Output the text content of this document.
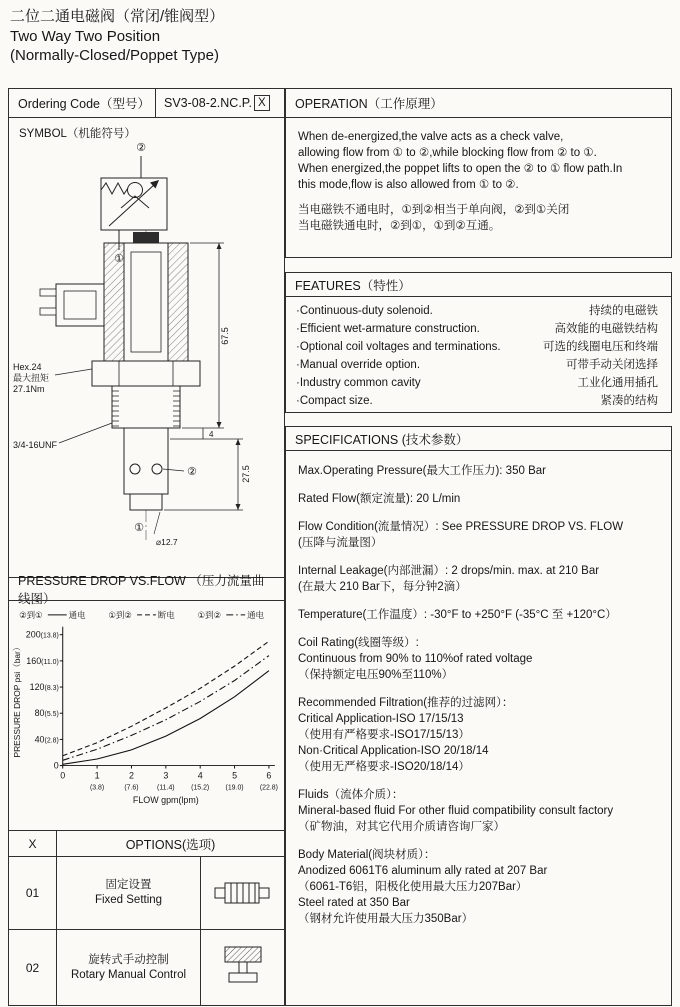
二位二通电磁阀（常闭/锥阀型）
Two Way Two Position
(Normally-Closed/Poppet Type)
Ordering Code（型号） SV3-08-2.NC.P. X	OPERATION（工作原理）
SYMBOL（机能符号）
②
Hex.24
最大扭矩
27.1Nm
3/4-16UNF
67.5
4
27.5
②
①
⌀12.7
When de-energized,the valve acts as a check valve,
allowing flow from ① to ②,while blocking flow from ② to ①.
When energized,the poppet lifts to open the ② to ① flow path.In
this mode,flow is also allowed from ① to ②.
当电磁铁不通电时，①到②相当于单向阀，②到①关闭
当电磁铁通电时，②到①，①到②互通。
FEATURES（特性）
·Continuous-duty solenoid.	持续的电磁铁
·Efficient wet-armature construction.	高效能的电磁铁结构
·Optional coil voltages and terminations.	可选的线圈电压和终端
·Manual override option.	可带手动关闭选择
·Industry common cavity	工业化通用插孔
·Compact size.	紧凑的结构
SPECIFICATIONS (技术参数）
Max.Operating Pressure(最大工作压力): 350 Bar
Rated Flow(额定流量): 20 L/min
Flow Condition(流量情况）: See PRESSURE DROP VS. FLOW
(压降与流量图）
Internal Leakage(内部泄漏）: 2 drops/min. max. at 210 Bar
(在最大 210 Bar下，每分钟2滴）
Temperature(工作温度）: -30°F to +250°F (-35°C 至 +120°C）
Coil Rating(线圈等级）:
Continuous from 90% to 110%of rated voltage
（保持额定电压90%至110%）
Recommended Filtration(推荐的过滤网）：
Critical Application-ISO 17/15/13
（使用有严格要求-ISO17/15/13）
Non·Critical Application-ISO 20/18/14
（使用无严格要求-ISO20/18/14）
Fluids（流体介质）：
Mineral-based fluid For other fluid compatibility consult factory
（矿物油，对其它代用介质请咨询厂家）
Body Material(阀块材质）：
Anodized 6061T6 aluminum ally rated at 207 Bar
（6061-T6铝，阳极化使用最大压力207Bar）
Steel rated at 350 Bar
（钢材允许使用最大压力350Bar）
PRESSURE DROP VS.FLOW （压力流量曲线图）
②到①	通电	①到②	断电	①到②	通电
200(13.8)
160(11.0)
120(8.3)
80(5.5)
40(2.8)
0
0	1
(3.8)
2
(7.6)
3
(11.4)
4
(15.2)
5
(19.0)
6
(22.8)
FLOW gpm(lpm)
PRESSURE DROP psi（bar）
X	OPTIONS(选项)
01
固定设置
Fixed Setting
02
旋转式手动控制
Rotary Manual Control
